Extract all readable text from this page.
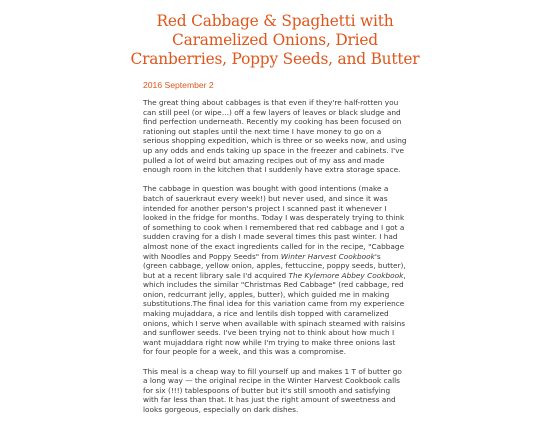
Red Cabbage & Spaghetti with Caramelized Onions, Dried Cranberries, Poppy Seeds, and Butter
2016 September 2

The great thing about cabbages is that even if they're half-rotten you can still peel (or wipe…) off a few layers of leaves or black sludge and find perfection underneath. Recently my cooking has been focused on rationing out staples until the next time I have money to go on a serious shopping expedition, which is three or so weeks now, and using up any odds and ends taking up space in the freezer and cabinets. I've pulled a lot of weird but amazing recipes out of my ass and made enough room in the kitchen that I suddenly have extra storage space.

The cabbage in question was bought with good intentions (make a batch of sauerkraut every week!) but never used, and since it was intended for another person's project I scanned past it whenever I looked in the fridge for months. Today I was desperately trying to think of something to cook when I remembered that red cabbage and I got a sudden craving for a dish I made several times this past winter. I had almost none of the exact ingredients called for in the recipe, "Cabbage with Noodles and Poppy Seeds" from Winter Harvest Cookbook's (green cabbage, yellow onion, apples, fettuccine, poppy seeds, butter), but at a recent library sale I'd acquired The Kylemore Abbey Cookbook, which includes the similar "Christmas Red Cabbage" (red cabbage, red onion, redcurrant jelly, apples, butter), which guided me in making substitutions.The final idea for this variation came from my experience making mujaddara, a rice and lentils dish topped with caramelized onions, which I serve when available with spinach steamed with raisins and sunflower seeds. I've been trying not to think about how much I want mujaddara right now while I'm trying to make three onions last for four people for a week, and this was a compromise.

This meal is a cheap way to fill yourself up and makes 1 T of butter go a long way — the original recipe in the Winter Harvest Cookbook calls for six (!!!) tablespoons of butter but it's still smooth and satisfying with far less than that. It has just the right amount of sweetness and looks gorgeous, especially on dark dishes.
